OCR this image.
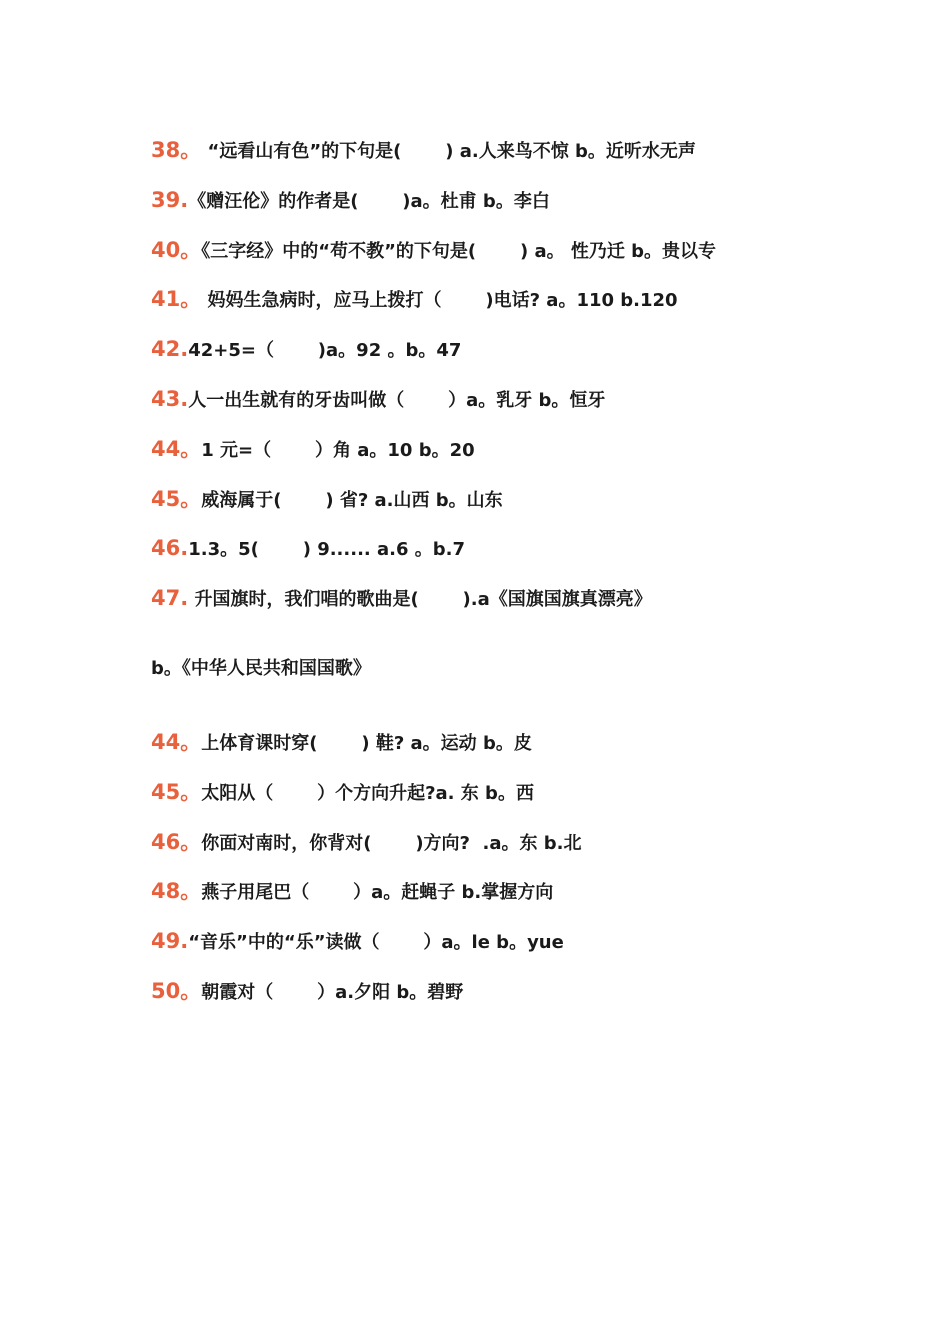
38。 “远看山有色”的下句是(       ) a.人来鸟不惊 b。近听水无声
39.《赠汪伦》的作者是(       )a。杜甫 b。李白
40。《三字经》中的“苟不教”的下句是(       ) a。 性乃迁 b。贵以专
41。 妈妈生急病时，应马上拨打（       )电话? a。110 b.120
42.42+5=（       )a。92 。b。47
43.人一出生就有的牙齿叫做（       ）a。乳牙 b。恒牙
44。1 元=（       ）角 a。10 b。20
45。威海属于(       ) 省? a.山西 b。山东
46.1.3。5(       ) 9...... a.6 。b.7
47. 升国旗时，我们唱的歌曲是(       ).a《国旗国旗真漂亮》
b。《中华人民共和国国歌》
44。上体育课时穿(       ) 鞋? a。运动 b。皮
45。太阳从（       ）个方向升起?a. 东 b。西
46。你面对南时，你背对(       )方向?  .a。东 b.北
48。燕子用尾巴（       ）a。赶蝇子 b.掌握方向
49.“音乐”中的“乐”读做（       ）a。le b。yue
50。朝霞对（       ）a.夕阳 b。碧野
